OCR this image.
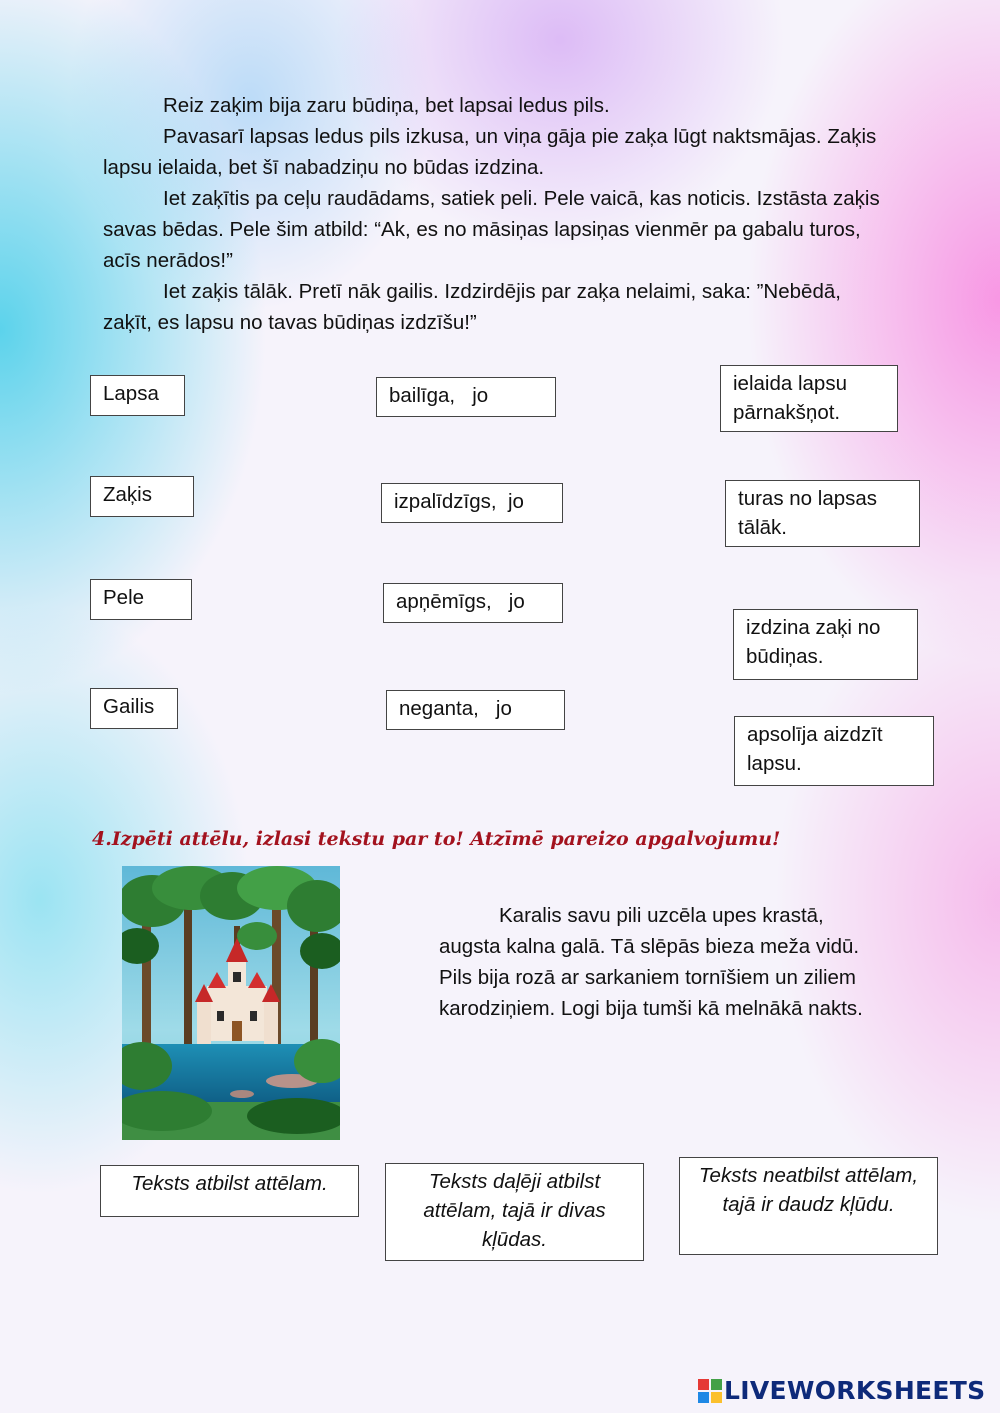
Reiz zaķim bija zaru būdiņa, bet lapsai ledus pils.

Pavasarī lapsas ledus pils izkusa, un viņa gāja pie zaķa lūgt naktsmājas. Zaķis lapsu ielaida, bet šī nabadziņu no būdas izdzina.

Iet zaķītis pa ceļu raudādams, satiek peli. Pele vaicā, kas noticis. Izstāsta zaķis savas bēdas. Pele šim atbild: “Ak, es no māsiņas lapsiņas vienmēr pa gabalu turos, acīs nerādos!”

Iet zaķis tālāk. Pretī nāk gailis. Izdzirdējis par zaķa nelaimi, saka: ”Nebēdā, zaķīt, es lapsu no tavas būdiņas izdzīšu!”

Lapsa
Zaķis
Pele
Gailis
bailīga,   jo
izpalīdzīgs,  jo
apņēmīgs,   jo
neganta,   jo
ielaida lapsu pārnakšņot.
turas no lapsas tālāk.
izdzina zaķi no būdiņas.
apsolīja aizdzīt lapsu.
4.Izpēti attēlu, izlasi tekstu par to! Atzīmē pareizo apgalvojumu!

Karalis savu pili uzcēla upes krastā, augsta kalna galā. Tā slēpās bieza meža vidū. Pils bija rozā ar sarkaniem tornīšiem un ziliem karodziņiem. Logi bija tumši kā melnākā nakts.

Teksts atbilst attēlam.	Teksts daļēji atbilst attēlam, tajā ir divas kļūdas.
Teksts neatbilst attēlam, tajā ir daudz kļūdu.
LIVEWORKSHEETS
